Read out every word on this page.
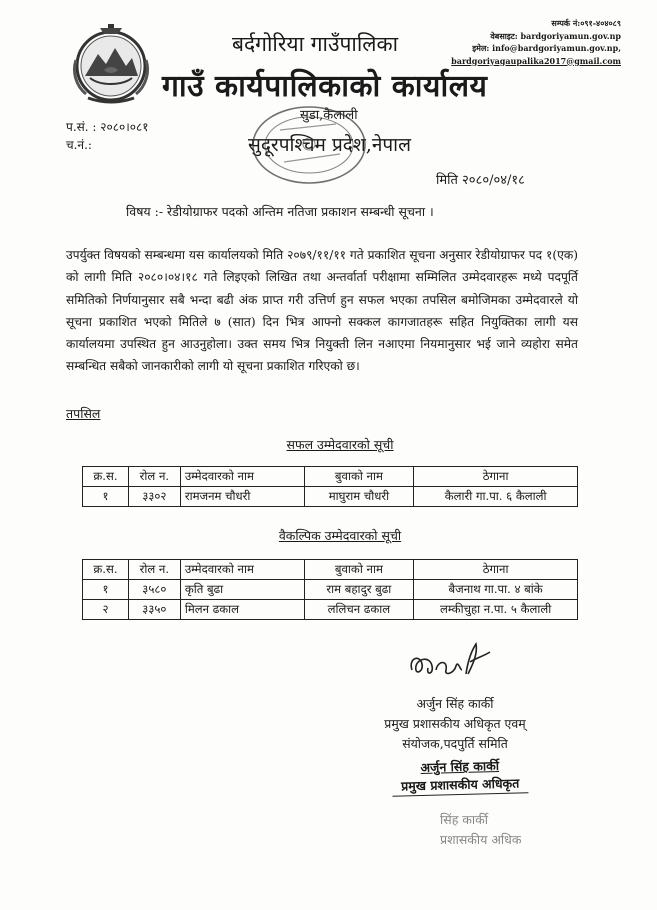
बर्दगोरिया गाउँपालिका
गाउँ कार्यपालिकाको कार्यालय
सुडा,कैलाली
सुदूरपश्चिम प्रदेश,नेपाल
सम्पर्क नं:०९१-४०४०८९
वेबसाइट: bardgoriyamun.gov.np
इमेल: info@bardgoriyamun.gov.np,
bardgoriyagaupalika2017@gmail.com
प.सं. : २०८०।०८१
च.नं.:
मिति २०८०/०४/१८
विषय :- रेडीयोग्राफर पदको अन्तिम नतिजा प्रकाशन सम्बन्धी सूचना ।
उपर्युक्त विषयको सम्बन्धमा यस कार्यालयको मिति २०७९/११/११ गते प्रकाशित सूचना अनुसार रेडीयोग्राफर पद १(एक) को लागी मिति २०८०।०४।१८ गते लिइएको लिखित तथा अन्तर्वार्ता परीक्षामा सम्मिलित उम्मेदवारहरू मध्ये पदपूर्ति समितिको निर्णयानुसार सबै भन्दा बढी अंक प्राप्त गरी उत्तिर्ण हुन सफल भएका तपसिल बमोजिमका उम्मेदवारले यो सूचना प्रकाशित भएको मितिले ७ (सात) दिन भित्र आफ्नो सक्कल कागजातहरू सहित नियुक्तिका लागी यस कार्यालयमा उपस्थित हुन आउनुहोला। उक्त समय भित्र नियुक्ती लिन नआएमा नियमानुसार भई जाने व्यहोरा समेत सम्बन्धित सबैको जानकारीको लागी यो सूचना प्रकाशित गरिएको छ।
तपसिल
सफल उम्मेदवारको सूची
क्र.स.	रोल न.	उम्मेदवारको नाम	बुवाको नाम	ठेगाना
१	३३०२	रामजनम चौधरी	माघुराम चौधरी	कैलारी गा.पा. ६ कैलाली
वैकल्पिक उम्मेदवारको सूची
क्र.स.	रोल न.	उम्मेदवारको नाम	बुवाको नाम	ठेगाना
१	३५८०	कृति बुढा	राम बहादुर बुढा	बैजनाथ गा.पा. ४ बांके
२	३३५०	मिलन ढकाल	ललिचन ढकाल	लम्कीचुहा न.पा. ५ कैलाली
अर्जुन सिंह कार्की
प्रमुख प्रशासकीय अधिकृत एवम्
संयोजक,पदपुर्ति समिति
अर्जुन सिंह कार्की
प्रमुख प्रशासकीय अधिकृत
सिंह कार्की
प्रशासकीय अधिक
